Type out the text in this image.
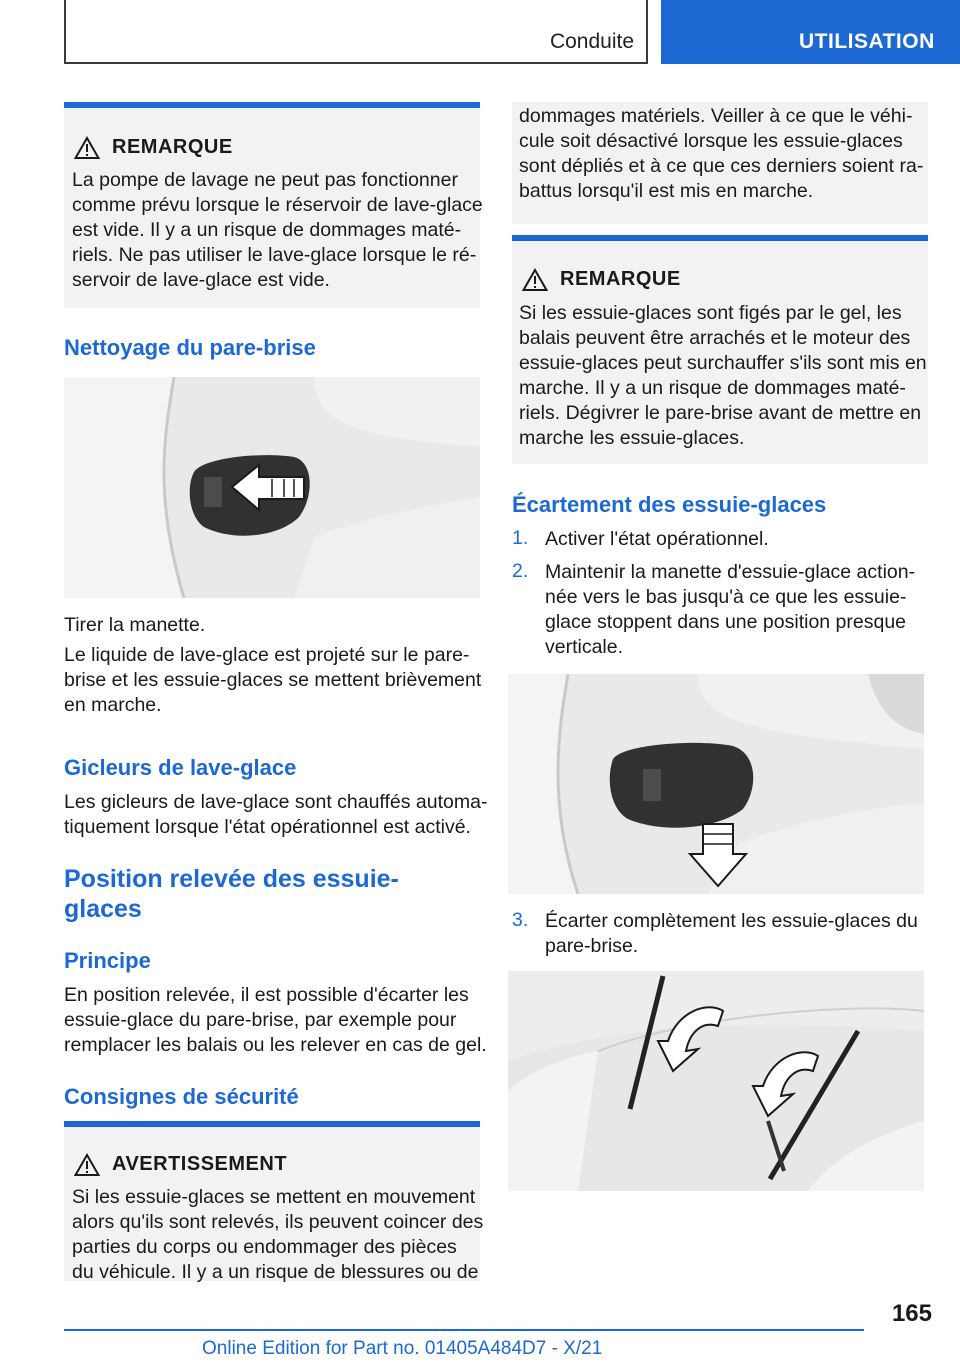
Conduite	UTILISATION
REMARQUE
La pompe de lavage ne peut pas fonctionner
comme prévu lorsque le réservoir de lave-glace
est vide. Il y a un risque de dommages maté-
riels. Ne pas utiliser le lave-glace lorsque le ré-
servoir de lave-glace est vide.
Nettoyage du pare-brise
Tirer la manette.
Le liquide de lave-glace est projeté sur le pare-
brise et les essuie-glaces se mettent brièvement
en marche.
Gicleurs de lave-glace
Les gicleurs de lave-glace sont chauffés automa-
tiquement lorsque l'état opérationnel est activé.
Position relevée des essuie-
glaces
Principe
En position relevée, il est possible d'écarter les
essuie-glace du pare-brise, par exemple pour
remplacer les balais ou les relever en cas de gel.
Consignes de sécurité
AVERTISSEMENT
Si les essuie-glaces se mettent en mouvement
alors qu'ils sont relevés, ils peuvent coincer des
parties du corps ou endommager des pièces
du véhicule. Il y a un risque de blessures ou de
dommages matériels. Veiller à ce que le véhi-
cule soit désactivé lorsque les essuie-glaces
sont dépliés et à ce que ces derniers soient ra-
battus lorsqu'il est mis en marche.
REMARQUE
Si les essuie-glaces sont figés par le gel, les
balais peuvent être arrachés et le moteur des
essuie-glaces peut surchauffer s'ils sont mis en
marche. Il y a un risque de dommages maté-
riels. Dégivrer le pare-brise avant de mettre en
marche les essuie-glaces.
Écartement des essuie-glaces
1. Activer l'état opérationnel.
2. Maintenir la manette d'essuie-glace action-
née vers le bas jusqu'à ce que les essuie-
glace stoppent dans une position presque
verticale.
3. Écarter complètement les essuie-glaces du
pare-brise.
165
Online Edition for Part no. 01405A484D7 - X/21
